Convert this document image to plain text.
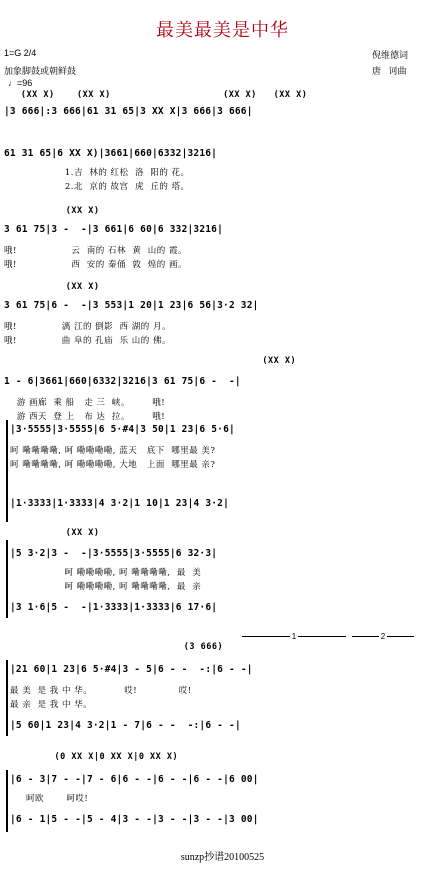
最美最美是中华
1=G 2/4
加象脚鼓或朝鲜鼓
♩=96
倪维德词
唐   诃曲
(XX X)    (XX X)                    (XX X)   (XX X)
|3 666|:3 666|61 31 65|3 XX X|3 666|3 666|
61 31 65|6 XX X)|3661|660|6332|3216|
1.吉  林的 红松  洛  阳的 花。
2.北  京的 故宫  虎  丘的 塔。
(XX X)
3 61 75|3 -  -|3 661|6 60|6 332|3216|
哦!                 云  南的 石林  黄  山的 霞。
哦!                 西  安的 秦俑  敦  煌的 画。
(XX X)
3 61 75|6 -  -|3 553|1 20|1 23|6 56|3·2 32|
哦!              漓 江的 倒影  西 湖的 月。
哦!              曲 阜的 孔庙  乐 山的 佛。
(XX X)
1 - 6|3661|660|6332|3216|3 61 75|6 -  -|
游 画廊  乘 船   走 三  峡。       哦!
游 西天  登 上   布 达  拉。       哦!
|3·5555|3·5555|6 5·#4|3 50|1 23|6 5·6|
呵 嘞嘞嘞嘞, 呵 嘞嘞嘞嘞, 蓝天   底下  哪里最 美?
呵 嘞嘞嘞嘞, 呵 嘞嘞嘞嘞, 大地   上面  哪里最 亲?
|1·3333|1·3333|4 3·2|1 10|1 23|4 3·2|
(XX X)
|5 3·2|3 -  -|3·5555|3·5555|6 32·3|
呵 嘞嘞嘞嘞, 呵 嘞嘞嘞嘞,  最  美
呵 嘞嘞嘞嘞, 呵 嘞嘞嘞嘞,  最  亲
|3 1·6|5 -  -|1·3333|1·3333|6 17·6|
1	2
(3 666)
|21 60|1 23|6 5·#4|3 - 5|6 - -  -:|6 - -|
最 美  是 我 中 华。          哎!             哎!
最 亲  是 我 中 华。
|5 60|1 23|4 3·2|1 - 7|6 - -  -:|6 - -|
(0 XX X|0 XX X|0 XX X)
|6 - 3|7 - -|7 - 6|6 - -|6 - -|6 - -|6 00|
呵欧       呵哎!
|6 - 1|5 - -|5 - 4|3 - -|3 - -|3 - -|3 00|
sunzp抄谱20100525
